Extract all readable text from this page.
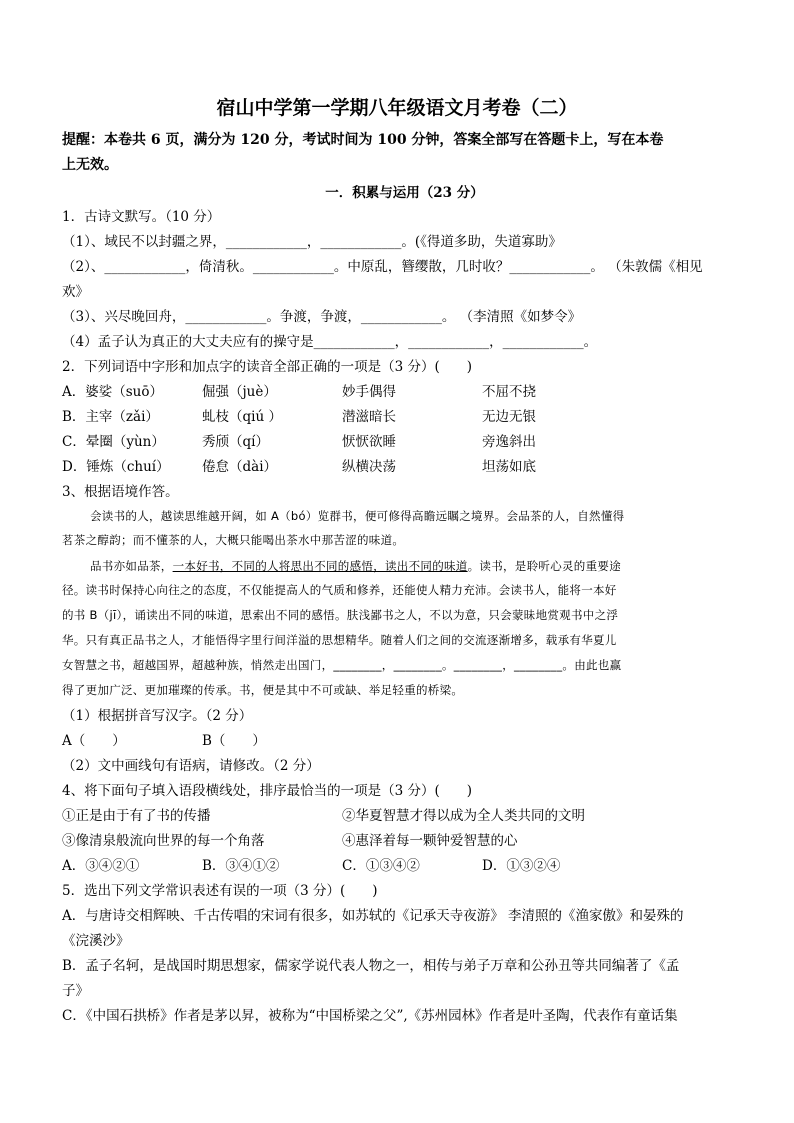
宿山中学第一学期八年级语文月考卷（二）
提醒：本卷共 6 页，满分为 120 分，考试时间为 100 分钟，答案全部写在答题卡上，写在本卷
上无效。
一．积累与运用（23 分）
1．古诗文默写。（10 分）
（1）、域民不以封疆之界，____________，____________。(《得道多助，失道寡助》
（2）、____________，倚清秋。____________。中原乱，簪缨散，几时收？____________。 （朱敦儒《相见
欢》
（3）、兴尽晚回舟，____________。争渡，争渡，____________。 （李清照《如梦令》
（4）孟子认为真正的大丈夫应有的操守是____________，____________，____________。
2．下列词语中字形和加点字的读音全部正确的一项是（3 分）(　　)
A．婆娑（suō）	倔强（juè）	妙手偶得	不屈不挠
B．主宰（zǎi）	虬枝（qiú ）	潜滋暗长	无边无银
C．晕圈（yùn）	秀颀（qí）	恹恹欲睡	旁逸斜出
D．锤炼（chuí） 倦怠（dài）	纵横决荡	坦荡如底
3、根据语境作答。
会读书的人，越读思维越开阔，如 A（bó）览群书，便可修得高瞻远瞩之境界。会品茶的人，自然懂得
茗茶之醇韵；而不懂茶的人，大概只能喝出茶水中那苦涩的味道。
品书亦如品茶，一本好书，不同的人将思出不同的感悟，读出不同的味道。读书，是聆听心灵的重要途
径。读书时保持心向往之的态度，不仅能提高人的气质和修养，还能使人精力充沛。会读书人，能将一本好
的书 B（jī），诵读出不同的味道，思索出不同的感悟。肤浅鄙书之人，不以为意，只会蒙昧地赏观书中之浮
华。只有真正品书之人，才能悟得字里行间洋溢的思想精华。随着人们之间的交流逐渐增多，载承有华夏儿
女智慧之书，超越国界，超越种族，悄然走出国门，________，________。________，________。由此也赢
得了更加广泛、更加璀璨的传承。书，便是其中不可或缺、举足轻重的桥梁。
（1）根据拼音写汉字。（2 分）
A（　　）	B（　　）
（2）文中画线句有语病，请修改。（2 分）
4、将下面句子填入语段横线处，排序最恰当的一项是（3 分）(　　)
①正是由于有了书的传播	②华夏智慧才得以成为全人类共同的文明
③像清泉般流向世界的每一个角落	④惠泽着每一颗钟爱智慧的心
A．③④②①	B．③④①②	C．①③④②	D．①③②④
5．选出下列文学常识表述有误的一项（3 分）(　　)
A．与唐诗交相辉映、千古传唱的宋词有很多，如苏轼的《记承天寺夜游》 李清照的《渔家傲》和晏殊的
《浣溪沙》
B．孟子名轲，是战国时期思想家，儒家学说代表人物之一，相传与弟子万章和公孙丑等共同编著了《孟
子》
C．《中国石拱桥》作者是茅以昇，被称为“中国桥梁之父”,《苏州园林》作者是叶圣陶，代表作有童话集
